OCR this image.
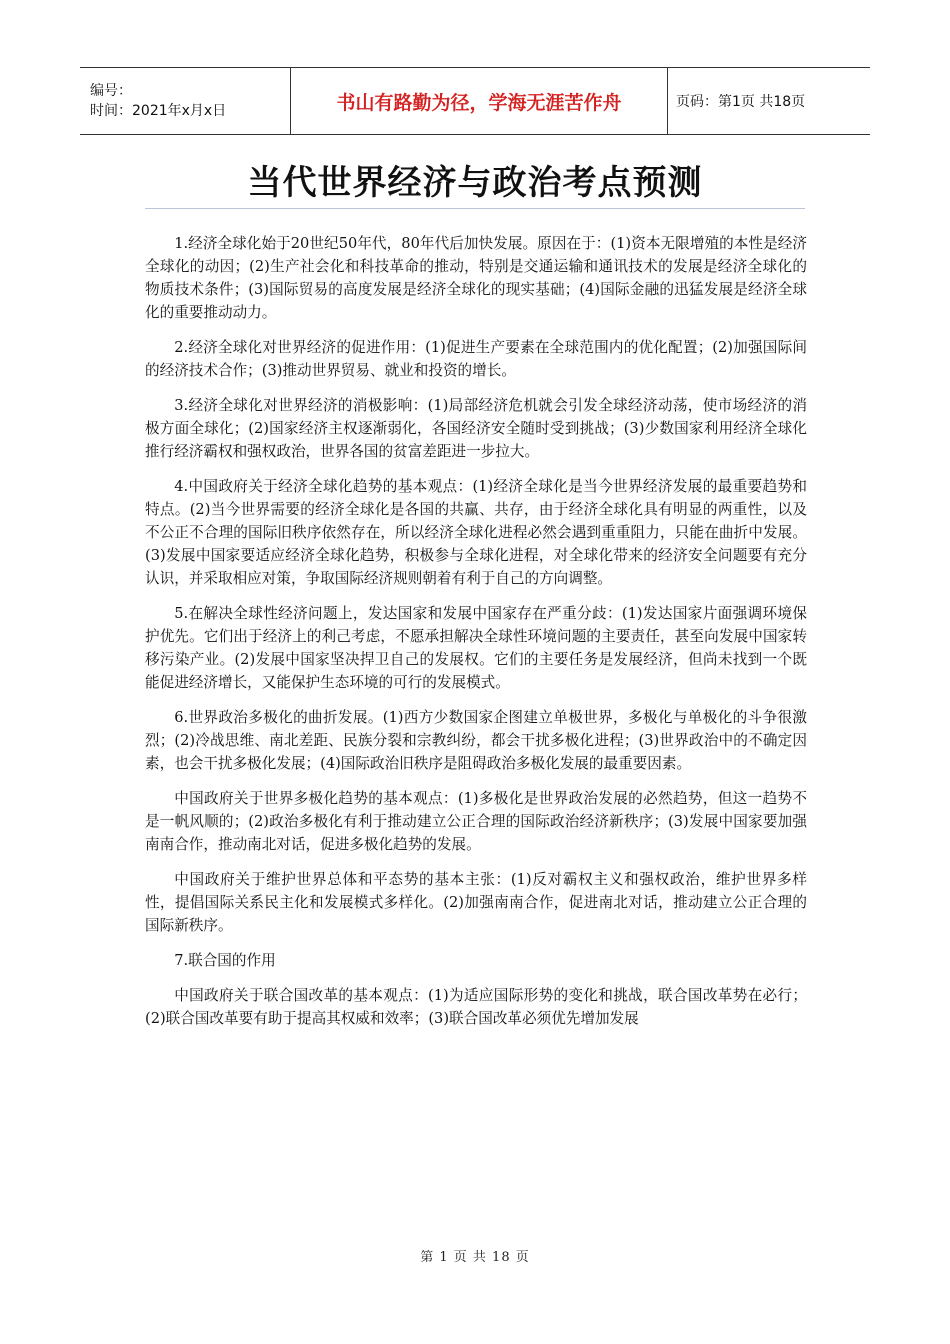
编号：
时间：2021年x月x日	书山有路勤为径，学海无涯苦作舟	页码：第1页 共18页
当代世界经济与政治考点预测

1.经济全球化始于20世纪50年代，80年代后加快发展。原因在于：(1)资本无限增殖的本性是经济全球化的动因；(2)生产社会化和科技革命的推动，特别是交通运输和通讯技术的发展是经济全球化的物质技术条件；(3)国际贸易的高度发展是经济全球化的现实基础；(4)国际金融的迅猛发展是经济全球化的重要推动动力。

2.经济全球化对世界经济的促进作用：(1)促进生产要素在全球范围内的优化配置；(2)加强国际间的经济技术合作；(3)推动世界贸易、就业和投资的增长。

3.经济全球化对世界经济的消极影响：(1)局部经济危机就会引发全球经济动荡，使市场经济的消极方面全球化；(2)国家经济主权逐渐弱化，各国经济安全随时受到挑战；(3)少数国家利用经济全球化推行经济霸权和强权政治，世界各国的贫富差距进一步拉大。

4.中国政府关于经济全球化趋势的基本观点：(1)经济全球化是当今世界经济发展的最重要趋势和特点。(2)当今世界需要的经济全球化是各国的共赢、共存，由于经济全球化具有明显的两重性，以及不公正不合理的国际旧秩序依然存在，所以经济全球化进程必然会遇到重重阻力，只能在曲折中发展。(3)发展中国家要适应经济全球化趋势，积极参与全球化进程，对全球化带来的经济安全问题要有充分认识，并采取相应对策，争取国际经济规则朝着有利于自己的方向调整。

5.在解决全球性经济问题上，发达国家和发展中国家存在严重分歧：(1)发达国家片面强调环境保护优先。它们出于经济上的利己考虑，不愿承担解决全球性环境问题的主要责任，甚至向发展中国家转移污染产业。(2)发展中国家坚决捍卫自己的发展权。它们的主要任务是发展经济，但尚未找到一个既能促进经济增长，又能保护生态环境的可行的发展模式。

6.世界政治多极化的曲折发展。(1)西方少数国家企图建立单极世界，多极化与单极化的斗争很激烈；(2)冷战思维、南北差距、民族分裂和宗教纠纷，都会干扰多极化进程；(3)世界政治中的不确定因素，也会干扰多极化发展；(4)国际政治旧秩序是阻碍政治多极化发展的最重要因素。

中国政府关于世界多极化趋势的基本观点：(1)多极化是世界政治发展的必然趋势，但这一趋势不是一帆风顺的；(2)政治多极化有利于推动建立公正合理的国际政治经济新秩序；(3)发展中国家要加强南南合作，推动南北对话，促进多极化趋势的发展。

中国政府关于维护世界总体和平态势的基本主张：(1)反对霸权主义和强权政治，维护世界多样性，提倡国际关系民主化和发展模式多样化。(2)加强南南合作，促进南北对话，推动建立公正合理的国际新秩序。

7.联合国的作用

中国政府关于联合国改革的基本观点：(1)为适应国际形势的变化和挑战，联合国改革势在必行；(2)联合国改革要有助于提高其权威和效率；(3)联合国改革必须优先增加发展

第 1 页 共 18 页
